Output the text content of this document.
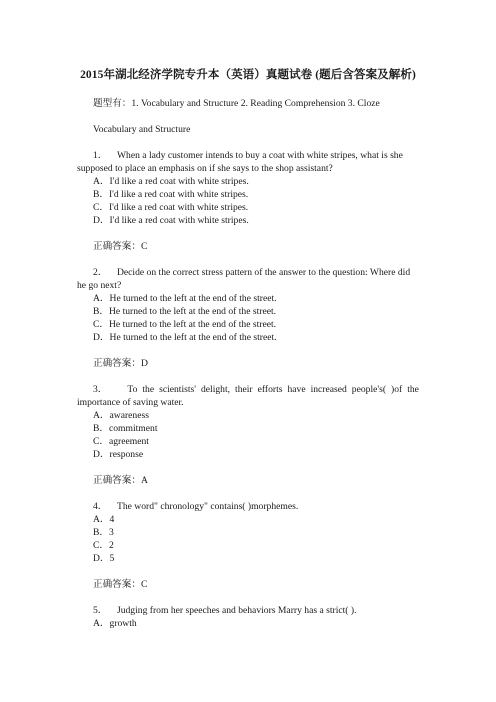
2015年湖北经济学院专升本（英语）真题试卷 (题后含答案及解析)
题型有：1. Vocabulary and Structure 2. Reading Comprehension 3. Cloze
Vocabulary and Structure
1． When a lady customer intends to buy a coat with white stripes, what is she
supposed to place an emphasis on if she says to the shop assistant?
A．I'd like a red coat with white stripes.
B．I'd like a red coat with white stripes.
C．I'd like a red coat with white stripes.
D．I'd like a red coat with white stripes.
正确答案：C
2． Decide on the correct stress pattern of the answer to the question: Where did
he go next?
A．He turned to the left at the end of the street.
B．He turned to the left at the end of the street.
C．He turned to the left at the end of the street.
D．He turned to the left at the end of the street.
正确答案：D
3． To the scientists' delight, their efforts have increased people's( )of the
importance of saving water.
A．awareness
B．commitment
C．agreement
D．response
正确答案：A
4． The word" chronology" contains( )morphemes.
A．4
B．3
C．2
D．5
正确答案：C
5． Judging from her speeches and behaviors Marry has a strict( ).
A．growth
